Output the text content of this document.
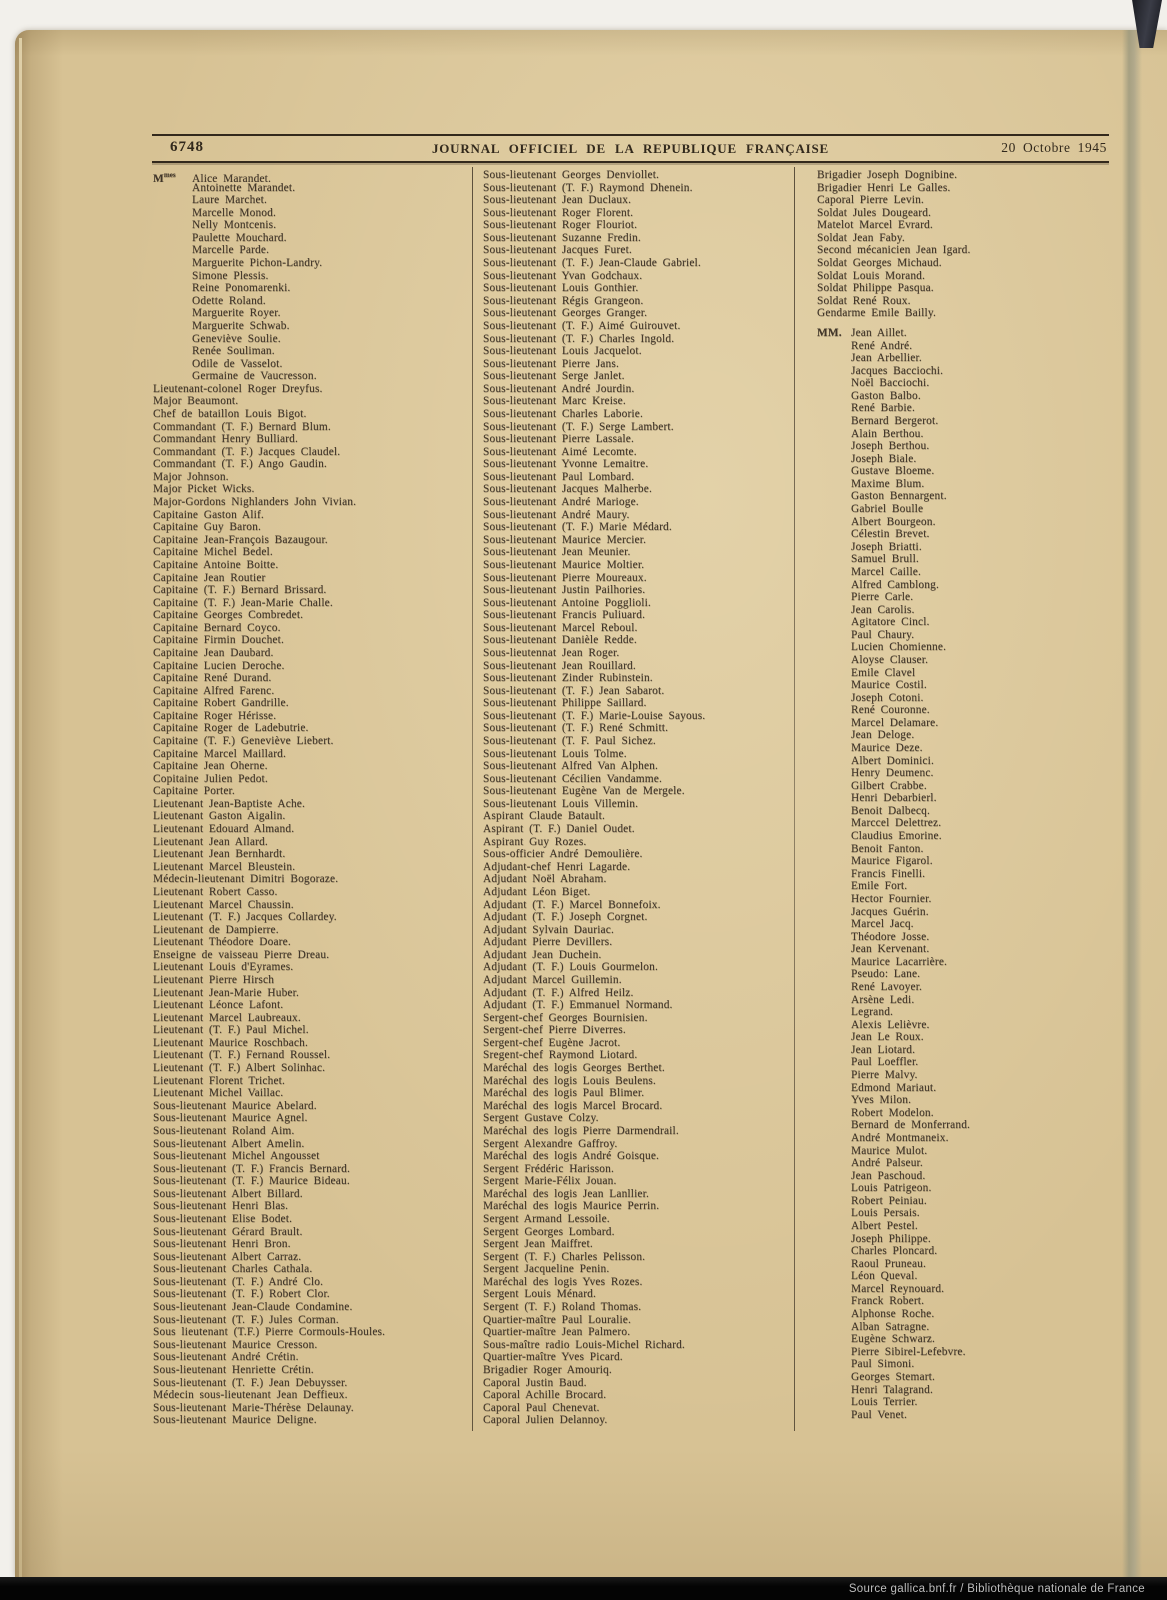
6748	JOURNAL OFFICIEL DE LA REPUBLIQUE FRANÇAISE	20 Octobre 1945
$M^{mes}$ Alice Marandet.
Antoinette Marandet.
Laure Marchet.
Marcelle Monod.
Nelly Montcenis.
Paulette Mouchard.
Marcelle Parde.
Marguerite Pichon-Landry.
Simone Plessis.
Reine Ponomarenki.
Odette Roland.
Marguerite Royer.
Marguerite Schwab.
Geneviève Soulie.
Renée Souliman.
Odile de Vasselot.
Germaine de Vaucresson.
Lieutenant-colonel Roger Dreyfus.
Major Beaumont.
Chef de bataillon Louis Bigot.
Commandant (T. F.) Bernard Blum.
Commandant Henry Bulliard.
Commandant (T. F.) Jacques Claudel.
Commandant (T. F.) Ango Gaudin.
Major Johnson.
Major Picket Wicks.
Major-Gordons Nighlanders John Vivian.
Capitaine Gaston Alif.
Capitaine Guy Baron.
Capitaine Jean-François Bazaugour.
Capitaine Michel Bedel.
Capitaine Antoine Boitte.
Capitaine Jean Routier
Capitaine (T. F.) Bernard Brissard.
Capitaine (T. F.) Jean-Marie Challe.
Capitaine Georges Combredet.
Capitaine Bernard Coyco.
Capitaine Firmin Douchet.
Capitaine Jean Daubard.
Capitaine Lucien Deroche.
Capitaine René Durand.
Capitaine Alfred Farenc.
Capitaine Robert Gandrille.
Capitaine Roger Hérisse.
Capitaine Roger de Ladebutrie.
Capitaine (T. F.) Geneviève Liebert.
Capitaine Marcel Maillard.
Capitaine Jean Oherne.
Copitaine Julien Pedot.
Capitaine Porter.
Lieutenant Jean-Baptiste Ache.
Lieutenant Gaston Aigalin.
Lieutenant Edouard Almand.
Lieutenant Jean Allard.
Lieutenant Jean Bernhardt.
Lieutenant Marcel Bleustein.
Médecin-lieutenant Dimitri Bogoraze.
Lieutenant Robert Casso.
Lieutenant Marcel Chaussin.
Lieutenant (T. F.) Jacques Collardey.
Lieutenant de Dampierre.
Lieutenant Théodore Doare.
Enseigne de vaisseau Pierre Dreau.
Lieutenant Louis d'Eyrames.
Lieutenant Pierre Hirsch
Lieutenant Jean-Marie Huber.
Lieutenant Léonce Lafont.
Lieutenant Marcel Laubreaux.
Lieutenant (T. F.) Paul Michel.
Lieutenant Maurice Roschbach.
Lieutenant (T. F.) Fernand Roussel.
Lieutenant (T. F.) Albert Solinhac.
Lieutenant Florent Trichet.
Lieutenant Michel Vaillac.
Sous-lieutenant Maurice Abelard.
Sous-lieutenant Maurice Agnel.
Sous-lieutenant Roland Aim.
Sous-lieutenant Albert Amelin.
Sous-lieutenant Michel Angousset
Sous-lieutenant (T. F.) Francis Bernard.
Sous-lieutenant (T. F.) Maurice Bideau.
Sous-lieutenant Albert Billard.
Sous-lieutenant Henri Blas.
Sous-lieutenant Elise Bodet.
Sous-lieutenant Gérard Brault.
Sous-lieutenant Henri Bron.
Sous-lieutenant Albert Carraz.
Sous-lieutenant Charles Cathala.
Sous-lieutenant (T. F.) André Clo.
Sous-lieutenant (T. F.) Robert Clor.
Sous-lieutenant Jean-Claude Condamine.
Sous-lieutenant (T. F.) Jules Corman.
Sous lieutenant (T.F.) Pierre Cormouls-Houles.
Sous-lieutenant Maurice Cresson.
Sous-lieutenant André Crétin.
Sous-lieutenant Henriette Crétin.
Sous-lieutenant (T. F.) Jean Debuysser.
Médecin sous-lieutenant Jean Deffieux.
Sous-lieutenant Marie-Thérèse Delaunay.
Sous-lieutenant Maurice Deligne.
Sous-lieutenant Georges Denviollet.
Sous-lieutenant (T. F.) Raymond Dhenein.
Sous-lieutenant Jean Duclaux.
Sous-lieutenant Roger Florent.
Sous-lieutenant Roger Flouriot.
Sous-lieutenant Suzanne Fredin.
Sous-lieutenant Jacques Furet.
Sous-lieutenant (T. F.) Jean-Claude Gabriel.
Sous-lieutenant Yvan Godchaux.
Sous-lieutenant Louis Gonthier.
Sous-lieutenant Régis Grangeon.
Sous-lieutenant Georges Granger.
Sous-lieutenant (T. F.) Aimé Guirouvet.
Sous-lieutenant (T. F.) Charles Ingold.
Sous-lieutenant Louis Jacquelot.
Sous-lieutenant Pierre Jans.
Sous-lieutenant Serge Janlet.
Sous-lieutenant André Jourdin.
Sous-lieutenant Marc Kreise.
Sous-lieutenant Charles Laborie.
Sous-lieutenant (T. F.) Serge Lambert.
Sous-lieutenant Pierre Lassale.
Sous-lieutenant Aimé Lecomte.
Sous-lieutenant Yvonne Lemaitre.
Sous-lieutenant Paul Lombard.
Sous-lieutenant Jacques Malherbe.
Sous-lieutenant André Marioge.
Sous-lieutenant André Maury.
Sous-lieutenant (T. F.) Marie Médard.
Sous-lieutenant Maurice Mercier.
Sous-lieutenant Jean Meunier.
Sous-lieutenant Maurice Moltier.
Sous-lieutenant Pierre Moureaux.
Sous-lieutenant Justin Pailhories.
Sous-lieutenant Antoine Pogglioli.
Sous-lieutenant Francis Puliuard.
Sous-lieutenant Marcel Reboul.
Sous-lieutenant Danièle Redde.
Sous-lieutennat Jean Roger.
Sous-lieutenant Jean Rouillard.
Sous-lieutenant Zinder Rubinstein.
Sous-lieutenant (T. F.) Jean Sabarot.
Sous-lieutenant Philippe Saillard.
Sous-lieutenant (T. F.) Marie-Louise Sayous.
Sous-lieutenant (T. F.) René Schmitt.
Sous-lieutenant (T. F. Paul Sichez.
Sous-lieutenant Louis Tolme.
Sous-lieutenant Alfred Van Alphen.
Sous-lieutenant Cécilien Vandamme.
Sous-lieutenant Eugène Van de Mergele.
Sous-lieutenant Louis Villemin.
Aspirant Claude Batault.
Aspirant (T. F.) Daniel Oudet.
Aspirant Guy Rozes.
Sous-officier André Demoulière.
Adjudant-chef Henri Lagarde.
Adjudant Noël Abraham.
Adjudant Léon Biget.
Adjudant (T. F.) Marcel Bonnefoix.
Adjudant (T. F.) Joseph Corgnet.
Adjudant Sylvain Dauriac.
Adjudant Pierre Devillers.
Adjudant Jean Duchein.
Adjudant (T. F.) Louis Gourmelon.
Adjudant Marcel Guillemin.
Adjudant (T. F.) Alfred Heilz.
Adjudant (T. F.) Emmanuel Normand.
Sergent-chef Georges Bournisien.
Sergent-chef Pierre Diverres.
Sergent-chef Eugène Jacrot.
Sregent-chef Raymond Liotard.
Maréchal des logis Georges Berthet.
Maréchal des logis Louis Beulens.
Maréchal des logis Paul Blimer.
Maréchal des logis Marcel Brocard.
Sergent Gustave Colzy.
Maréchal des logis Pierre Darmendrail.
Sergent Alexandre Gaffroy.
Maréchal des logis André Goisque.
Sergent Frédéric Harisson.
Sergent Marie-Félix Jouan.
Maréchal des logis Jean Lanllier.
Maréchal des logis Maurice Perrin.
Sergent Armand Lessoile.
Sergent Georges Lombard.
Sergent Jean Maiffret.
Sergent (T. F.) Charles Pelisson.
Sergent Jacqueline Penin.
Maréchal des logis Yves Rozes.
Sergent Louis Ménard.
Sergent (T. F.) Roland Thomas.
Quartier-maître Paul Louralie.
Quartier-maître Jean Palmero.
Sous-maître radio Louis-Michel Richard.
Quartier-maître Yves Picard.
Brigadier Roger Amouriq.
Caporal Justin Baud.
Caporal Achille Brocard.
Caporal Paul Chenevat.
Caporal Julien Delannoy.
Brigadier Joseph Dognibine.
Brigadier Henri Le Galles.
Caporal Pierre Levin.
Soldat Jules Dougeard.
Matelot Marcel Evrard.
Soldat Jean Faby.
Second mécanicien Jean Igard.
Soldat Georges Michaud.
Soldat Louis Morand.
Soldat Philippe Pasqua.
Soldat René Roux.
Gendarme Emile Bailly.
MM. Jean Aillet.
René André.
Jean Arbellier.
Jacques Bacciochi.
Noël Bacciochi.
Gaston Balbo.
René Barbie.
Bernard Bergerot.
Alain Berthou.
Joseph Berthou.
Joseph Biale.
Gustave Bloeme.
Maxime Blum.
Gaston Bennargent.
Gabriel Boulle
Albert Bourgeon.
Célestin Brevet.
Joseph Briatti.
Samuel Brull.
Marcel Caille.
Alfred Camblong.
Pierre Carle.
Jean Carolis.
Agitatore Cincl.
Paul Chaury.
Lucien Chomienne.
Aloyse Clauser.
Emile Clavel
Maurice Costil.
Joseph Cotoni.
René Couronne.
Marcel Delamare.
Jean Deloge.
Maurice Deze.
Albert Dominici.
Henry Deumenc.
Gilbert Crabbe.
Henri Debarbierl.
Benoit Dalbecq.
Marccel Delettrez.
Claudius Emorine.
Benoit Fanton.
Maurice Figarol.
Francis Finelli.
Emile Fort.
Hector Fournier.
Jacques Guérin.
Marcel Jacq.
Théodore Josse.
Jean Kervenant.
Maurice Lacarrière.
Pseudo: Lane.
René Lavoyer.
Arsène Ledi.
Legrand.
Alexis Lelièvre.
Jean Le Roux.
Jean Liotard.
Paul Loeffler.
Pierre Malvy.
Edmond Mariaut.
Yves Milon.
Robert Modelon.
Bernard de Monferrand.
André Montmaneix.
Maurice Mulot.
André Palseur.
Jean Paschoud.
Louis Patrigeon.
Robert Peiniau.
Louis Persais.
Albert Pestel.
Joseph Philippe.
Charles Ploncard.
Raoul Pruneau.
Léon Queval.
Marcel Reynouard.
Franck Robert.
Alphonse Roche.
Alban Satragne.
Eugène Schwarz.
Pierre Sibirel-Lefebvre.
Paul Simoni.
Georges Stemart.
Henri Talagrand.
Louis Terrier.
Paul Venet.
Source gallica.bnf.fr / Bibliothèque nationale de France
